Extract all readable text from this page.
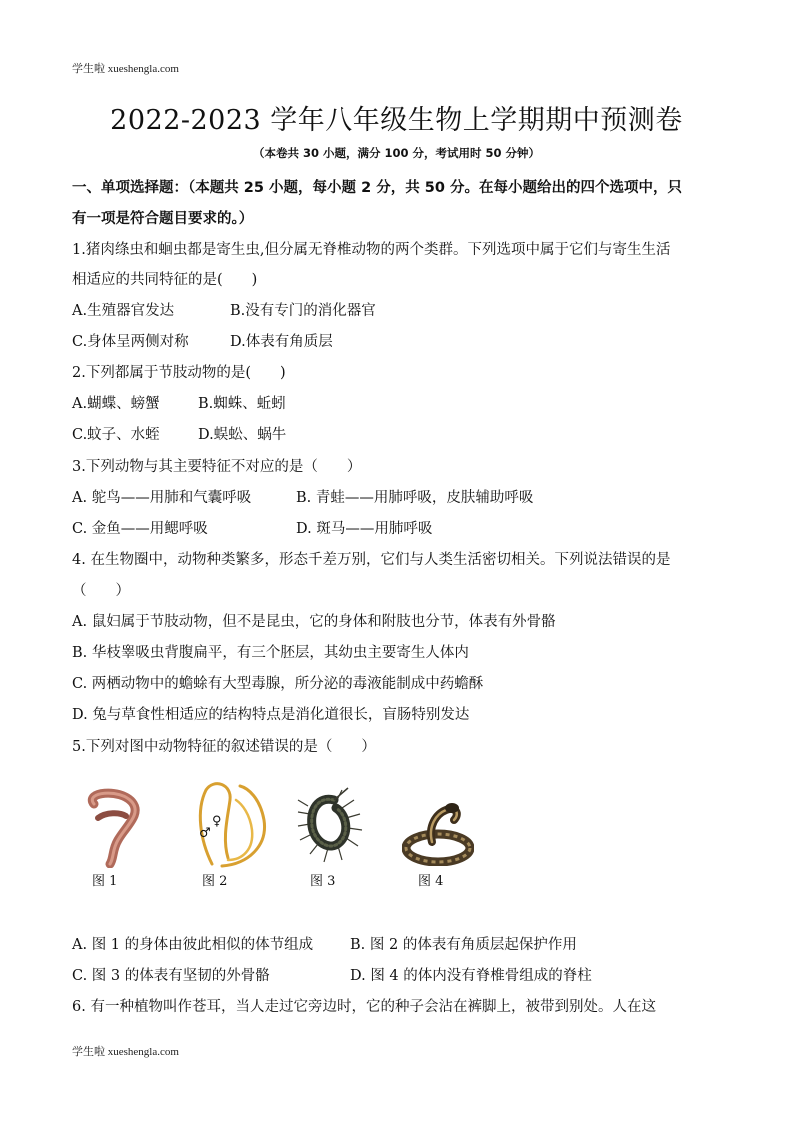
学生啦 xueshengla.com
2022-2023 学年八年级生物上学期期中预测卷
（本卷共 30 小题，满分 100 分，考试用时 50 分钟）
一、单项选择题：（本题共 25 小题，每小题 2 分，共 50 分。在每小题给出的四个选项中，只
有一项是符合题目要求的。）
1.猪肉绦虫和蛔虫都是寄生虫,但分属无脊椎动物的两个类群。下列选项中属于它们与寄生生活
相适应的共同特征的是(　　)
A.生殖器官发达	B.没有专门的消化器官
C.身体呈两侧对称	D.体表有角质层
2.下列都属于节肢动物的是(　　)
A.蝴蝶、螃蟹	B.蜘蛛、蚯蚓
C.蚊子、水蛭	D.蜈蚣、蜗牛
3.下列动物与其主要特征不对应的是（　　）
A. 鸵鸟——用肺和气囊呼吸	B. 青蛙——用肺呼吸，皮肤辅助呼吸
C. 金鱼——用鳃呼吸	D. 斑马——用肺呼吸
4. 在生物圈中，动物种类繁多，形态千差万别，它们与人类生活密切相关。下列说法错误的是
（　　）
A. 鼠妇属于节肢动物，但不是昆虫，它的身体和附肢也分节，体表有外骨骼
B. 华枝睾吸虫背腹扁平，有三个胚层，其幼虫主要寄生人体内
C. 两栖动物中的蟾蜍有大型毒腺，所分泌的毒液能制成中药蟾酥
D. 兔与草食性相适应的结构特点是消化道很长，盲肠特别发达
5.下列对图中动物特征的叙述错误的是（　　）
♂
♀
图 1	图 2	图 3	图 4
A. 图 1 的身体由彼此相似的体节组成	B. 图 2 的体表有角质层起保护作用
C. 图 3 的体表有坚韧的外骨骼	D. 图 4 的体内没有脊椎骨组成的脊柱
6. 有一种植物叫作苍耳，当人走过它旁边时，它的种子会沾在裤脚上，被带到别处。人在这
学生啦 xueshengla.com
